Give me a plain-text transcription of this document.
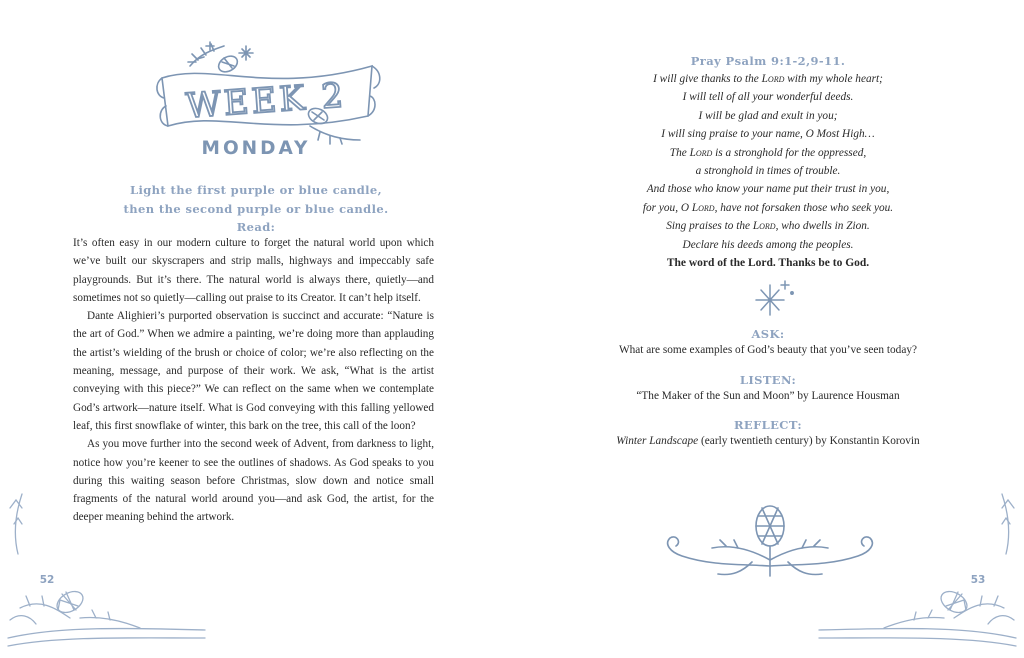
WEEK 2
MONDAY
Light the first purple or blue candle,
then the second purple or blue candle.
Read:

It’s often easy in our modern culture to forget the natural world upon which we’ve built our skyscrapers and strip malls, highways and impeccably safe playgrounds. But it’s there. The natural world is always there, quietly—and sometimes not so quietly—calling out praise to its Creator. It can’t help itself.

Dante Alighieri’s purported observation is succinct and accurate: “Nature is the art of God.” When we admire a painting, we’re doing more than applauding the artist’s wielding of the brush or choice of color; we’re also reflecting on the meaning, message, and purpose of their work. We ask, “What is the artist conveying with this piece?” We can reflect on the same when we contemplate God’s artwork—nature itself. What is God conveying with this falling yellowed leaf, this first snowflake of winter, this bark on the tree, this call of the loon?

As you move further into the second week of Advent, from darkness to light, notice how you’re keener to see the outlines of shadows. As God speaks to you during this waiting season before Christmas, slow down and notice small fragments of the natural world around you—and ask God, the artist, for the deeper meaning behind the artwork.

52
Pray Psalm 9:1-2,9-11.
I will give thanks to the Lord with my whole heart;
I will tell of all your wonderful deeds.
I will be glad and exult in you;
I will sing praise to your name, O Most High…
The Lord is a stronghold for the oppressed,
a stronghold in times of trouble.
And those who know your name put their trust in you,
for you, O Lord, have not forsaken those who seek you.
Sing praises to the Lord, who dwells in Zion.
Declare his deeds among the peoples.
The word of the Lord. Thanks be to God.
ASK:
What are some examples of God’s beauty that you’ve seen today?
LISTEN:
“The Maker of the Sun and Moon” by Laurence Housman
REFLECT:
Winter Landscape (early twentieth century) by Konstantin Korovin
53
